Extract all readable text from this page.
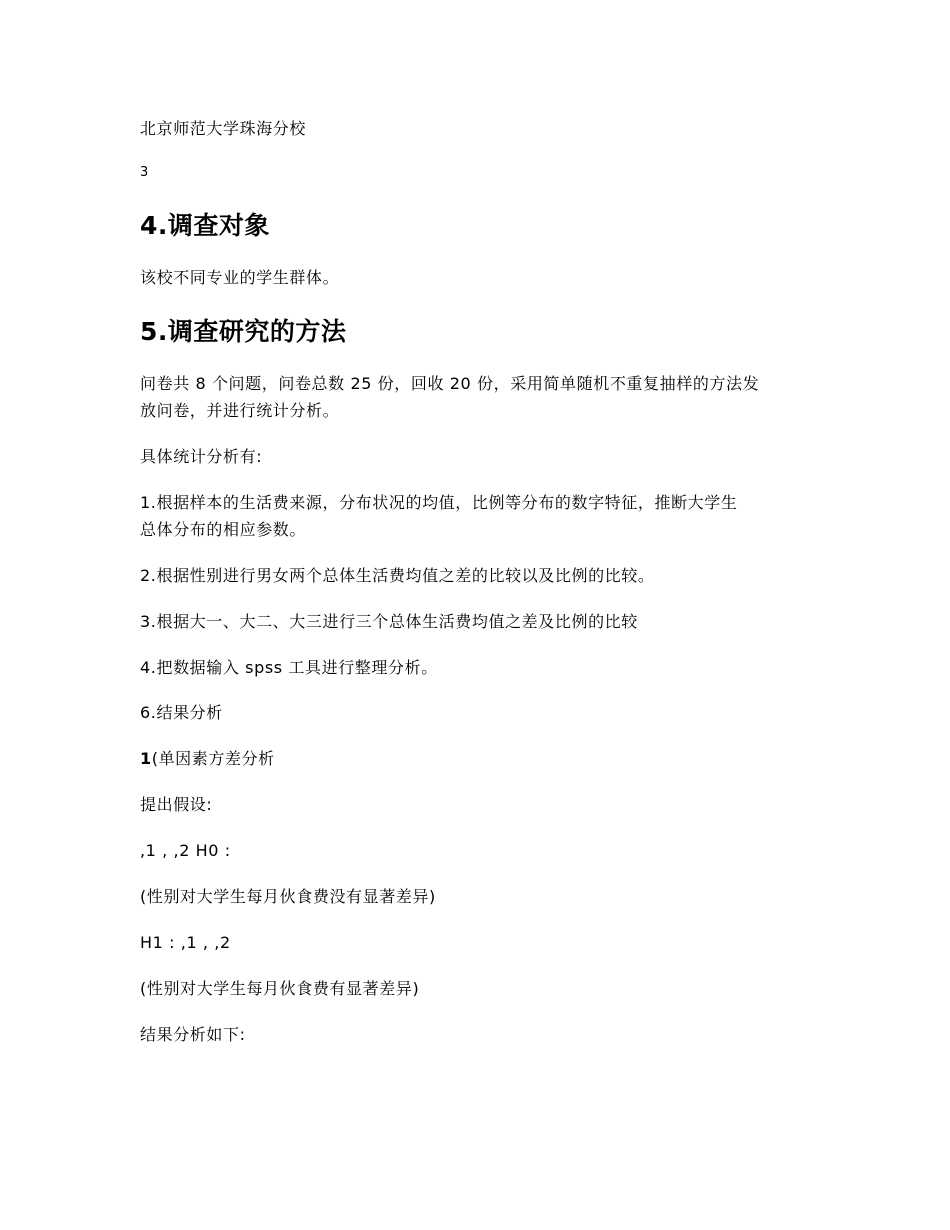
北京师范大学珠海分校

3

4.调查对象

该校不同专业的学生群体。

5.调查研究的方法

问卷共 8 个问题，问卷总数 25 份，回收 20 份，采用简单随机不重复抽样的方法发

放问卷，并进行统计分析。

具体统计分析有:

1.根据样本的生活费来源，分布状况的均值，比例等分布的数字特征，推断大学生

总体分布的相应参数。

2.根据性别进行男女两个总体生活费均值之差的比较以及比例的比较。

3.根据大一、大二、大三进行三个总体生活费均值之差及比例的比较

4.把数据输入 spss 工具进行整理分析。

6.结果分析

1(单因素方差分析

提出假设:

,1 , ,2 H0 :

(性别对大学生每月伙食费没有显著差异)

H1 : ,1 , ,2

(性别对大学生每月伙食费有显著差异)

结果分析如下:
